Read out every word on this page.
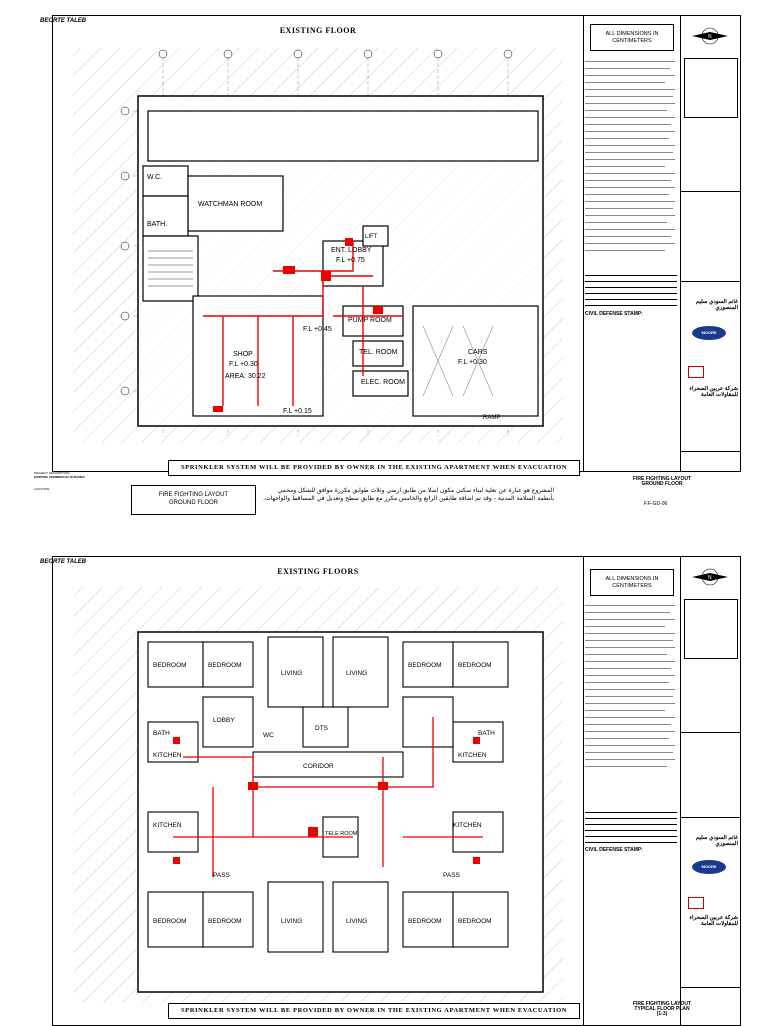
BEORTE TALEB
W.C.
WATCHMAN ROOM
BATH.
LIFT
ENT. LOBBY
F.L +0.75
PUMP ROOM
TEL. ROOM
ELEC. ROOM
SHOP
F.L +0.30
AREA: 30.22
CARS
F.L +0.30
F.L +0.45
F.L +0.15
RAMP
EXISTING FLOOR
SPRINKLER SYSTEM WILL BE PROVIDED BY OWNER IN THE EXISTING APARTMENT WHEN EVACUATION
ALL DIMENSIONS IN CENTIMETERS
CIVIL DEFENSE STAMP:
N
غانم السودي سليم المنصوري
MOORE
شركة عربين الصحراء للمقاولات العامة
PROJECT DESCRIPTION:
EXISTING COMMERCIAL BUILDING
LOCATION:
FIRE FIGHTING LAYOUT
GROUND FLOOR
المشروع هو عبارة عن تعلية لبناء سكني مكون اصلا من طابق ارضي وثلاث طوابق مكررة موافق للشكل ومحمي بأنظمة السلامة المدنية - وقد تم اضافة طابقين الرابع والخامس مكرر مع طابق سطح وتعديل في المساقط والواجهات.
FIRE FIGHTING LAYOUT
GROUND FLOOR
F.F-GD-06
BEORTE TALEB
BEDROOM	BEDROOM
LIVING	LIVING
BEDROOM	BEDROOM
BATH	BATH
KITCHEN	KITCHEN
LOBBY
WC
DTS
CORIDOR
KITCHEN	KITCHEN
TELE ROOM
PASS	PASS
BEDROOM	BEDROOM	LIVING	LIVING	BEDROOM	BEDROOM
EXISTING FLOORS
SPRINKLER SYSTEM WILL BE PROVIDED BY OWNER IN THE EXISTING APARTMENT WHEN EVACUATION
ALL DIMENSIONS IN CENTIMETERS
CIVIL DEFENSE STAMP:
N
غانم السودي سليم المنصوري
MOORE
شركة عربين الصحراء للمقاولات العامة
FIRE FIGHTING LAYOUT
TYPICAL FLOOR PLAN (1-3)
